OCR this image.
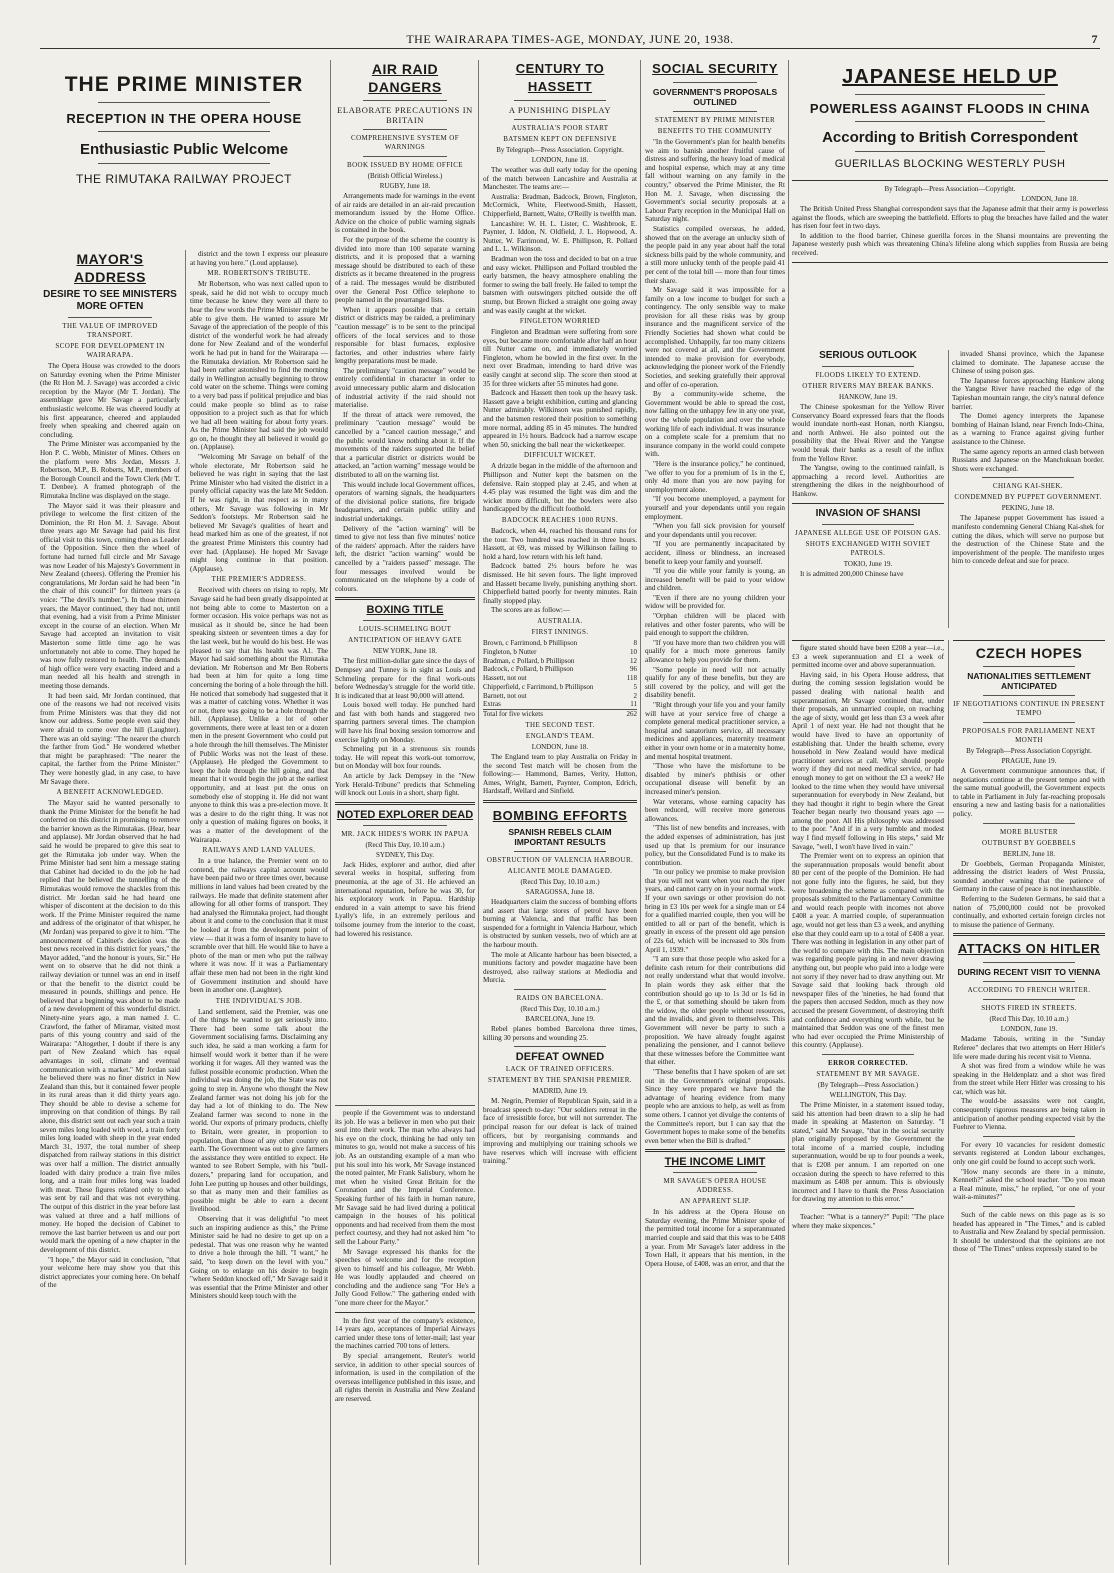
THE WAIRARAPA TIMES-AGE, MONDAY, JUNE 20, 1938.	7
THE PRIME MINISTER
RECEPTION IN THE OPERA HOUSE
Enthusiastic Public Welcome
THE RIMUTAKA RAILWAY PROJECT
MAYOR'S ADDRESS
DESIRE TO SEE MINISTERS MORE OFTEN
THE VALUE OF IMPROVED TRANSPORT.
SCOPE FOR DEVELOPMENT IN WAIRARAPA.

The Opera House was crowded to the doors on Saturday evening when the Prime Minister (the Rt Hon M. J. Savage) was accorded a civic reception by the Mayor (Mr T. Jordan). The assemblage gave Mr Savage a particularly enthusiastic welcome. He was cheered loudly at his first appearance, cheered and applauded freely when speaking and cheered again on concluding.

The Prime Minister was accompanied by the Hon P. C. Webb, Minister of Mines. Others on the platform were Mrs Jordan, Messrs J. Robertson, M.P., B. Roberts, M.P., members of the Borough Council and the Town Clerk (Mr T. T. Denbee). A framed photograph of the Rimutaka Incline was displayed on the stage.

The Mayor said it was their pleasure and privilege to welcome the first citizen of the Dominion, the Rt Hon M. J. Savage. About three years ago Mr Savage had paid his first official visit to this town, coming then as Leader of the Opposition. Since then the wheel of fortune had turned full circle and Mr Savage was now Leader of his Majesty's Government in New Zealand (cheers). Offering the Premier his congratulations, Mr Jordan said he had been "in the chair of this council" for thirteen years (a voice: "The devil's number."). In those thirteen years, the Mayor continued, they had not, until that evening, had a visit from a Prime Minister except in the course of an election. When Mr Savage had accepted an invitation to visit Masterton some little time ago he was unfortunately not able to come. They hoped he was now fully restored to health. The demands of high office were very exacting indeed and a man needed all his health and strength in meeting those demands.

It had been said, Mr Jordan continued, that one of the reasons we had not received visits from Prime Ministers was that they did not know our address. Some people even said they were afraid to come over the hill (Laughter). There was an old saying: "The nearer the church the farther from God." He wondered whether that might be paraphrased: "The nearer the capital, the farther from the Prime Minister." They were honestly glad, in any case, to have Mr Savage there.

A BENEFIT ACKNOWLEDGED.

The Mayor said he wanted personally to thank the Prime Minister for the benefit he had conferred on this district in promising to remove the barrier known as the Rimutakas. (Hear, hear and applause). Mr Jordan observed that he had said he would be prepared to give this seat to get the Rimutaka job under way. When the Prime Minister had sent him a message stating that Cabinet had decided to do the job he had replied that he believed the tunnelling of the Rimutakas would remove the shackles from this district. Mr Jordan said he had heard one whisper of discontent at the decision to do this work. If the Prime Minister required the name and address of the originator of that whisper, he (Mr Jordan) was prepared to give it to him. "The announcement of Cabinet's decision was the best news received in this district for years," the Mayor added, "and the honour is yours, Sir." He went on to observe that he did not think a railway deviation or tunnel was an end in itself or that the benefit to the district could be measured in pounds, shillings and pence. He believed that a beginning was about to be made of a new development of this wonderful district. Ninety-nine years ago, a man named J. C. Crawford, the father of Miramar, visited most parts of this young country and said of the Wairarapa: "Altogether, I doubt if there is any part of New Zealand which has equal advantages in soil, climate and eventual communication with a market." Mr Jordan said he believed there was no finer district in New Zealand than this, but it contained fewer people in its rural areas than it did thirty years ago. They should be able to devise a scheme for improving on that condition of things. By rail alone, this district sent out each year such a train seven miles long loaded with wool, a train forty miles long loaded with sheep in the year ended March 31, 1937, the total number of sheep dispatched from railway stations in this district was over half a million. The district annually loaded with dairy produce a train five miles long, and a train four miles long was loaded with meat. These figures related only to what was sent by rail and that was not everything. The output of this district in the year before last was valued at three and a half millions of money. He hoped the decision of Cabinet to remove the last barrier between us and our port would mark the opening of a new chapter in the development of this district.

"I hope," the Mayor said in conclusion, "that your welcome here may show you that this district appreciates your coming here. On behalf of the

district and the town I express our pleasure at having you here." (Loud applause).

MR. ROBERTSON'S TRIBUTE.

Mr Robertson, who was next called upon to speak, said he did not wish to occupy much time because he knew they were all there to hear the few words the Prime Minister might be able to give them. He wanted to assure Mr Savage of the appreciation of the people of this district of the wonderful work he had already done for New Zealand and of the wonderful work he had put in hand for the Wairarapa — the Rimutaka deviation. Mr Robertson said he had been rather astonished to find the morning daily in Wellington actually beginning to throw cold water on the scheme. Things were coming to a very bad pass if political prejudice and bias could make people so blind as to raise opposition to a project such as that for which we had all been waiting for about forty years. As the Prime Minister had said the job would go on, he thought they all believed it would go on. (Applause).

"Welcoming Mr Savage on behalf of the whole electorate, Mr Robertson said he believed he was right in saying that the last Prime Minister who had visited the district in a purely official capacity was the late Mr Seddon. If he was right, in that respect as in many others, Mr Savage was following in Mr Seddon's footsteps. Mr Robertson said he believed Mr Savage's qualities of heart and head marked him as one of the greatest, if not the greatest Prime Ministers this country had ever had. (Applause). He hoped Mr Savage might long continue in that position. (Applause).

THE PREMIER'S ADDRESS.

Received with cheers on rising to reply, Mr Savage said he had been greatly disappointed at not being able to come to Masterton on a former occasion. His voice perhaps was not as musical as it should be, since he had been speaking sixteen or seventeen times a day for the last week, but he would do his best. He was pleased to say that his health was A1. The Mayor had said something about the Rimutaka deviation. Mr Robertson and Mr Ben Roberts had been at him for quite a long time concerning the boring of a hole through the hill. He noticed that somebody had suggested that it was a matter of catching votes. Whether it was or not, there was going to be a hole through the hill. (Applause). Unlike a lot of other governments, there were at least ten or a dozen men in the present Government who could put a hole through the hill themselves. The Minister of Public Works was not the least of these. (Applause). He pledged the Government to keep the hole through the hill going, and that meant that it would begin the job at the earliest opportunity, and at least put the onus on somebody else of stopping it. He did not want anyone to think this was a pre-election move. It was a desire to do the right thing. It was not only a question of making figures on books, it was a matter of the development of the Wairarapa.

RAILWAYS AND LAND VALUES.

In a true balance, the Premier went on to contend, the railways capital account would have been paid two or three times over, because millions in land values had been created by the railways. He made that definite statement after allowing for all other forms of transport. They had analysed the Rimutaka project, had thought about it and come to the conclusion that it must be looked at from the development point of view — that it was a form of insanity to have to scramble over that hill. He would like to have a photo of the man or men who put the railway where it was now. If it was a Parliamentary affair these men had not been in the right kind of Government institution and should have been in another one. (Laughter).

THE INDIVIDUAL'S JOB.

Land settlement, said the Premier, was one of the things he wanted to get seriously into. There had been some talk about the Government socialising farms. Disclaiming any such idea, he said a man working a farm for himself would work it better than if he were working it for wages. All they wanted was the fullest possible economic production. When the individual was doing the job, the State was not going to step in. Anyone who thought the New Zealand farmer was not doing his job for the day had a lot of thinking to do. The New Zealand farmer was second to none in the world. Our exports of primary products, chiefly to Britain, were greater, in proportion to population, than those of any other country on earth. The Government was out to give farmers the assistance they were entitled to expect. He wanted to see Robert Semple, with his "bull-dozers," preparing land for occupation, and John Lee putting up houses and other buildings, so that as many men and their families as possible might be able to earn a decent livelihood.

Observing that it was delightful "to meet such an inspiring audience as this," the Prime Minister said he had no desire to get up on a pedestal. That was one reason why he wanted to drive a hole through the hill. "I want," he said, "to keep down on the level with you." Going on to enlarge on his desire to begin "where Seddon knocked off," Mr Savage said it was essential that the Prime Minister and other Ministers should keep touch with the

AIR RAID DANGERS
ELABORATE PRECAUTIONS IN BRITAIN
COMPREHENSIVE SYSTEM OF WARNINGS
BOOK ISSUED BY HOME OFFICE
(British Official Wireless.)
RUGBY, June 18.

Arrangements made for warnings in the event of air raids are detailed in an air-raid precaution memorandum issued by the Home Office. Advice on the choice of public warning signals is contained in the book.

For the purpose of the scheme the country is divided into more than 100 separate warning districts, and it is proposed that a warning message should be distributed to each of these districts as it became threatened in the progress of a raid. The messages would be distributed over the General Post Office telephone to people named in the prearranged lists.

When it appears possible that a certain district or districts may be raided, a preliminary "caution message" is to be sent to the principal officers of the local services and to those responsible for blast furnaces, explosive factories, and other industries where fairly lengthy preparations must be made.

The preliminary "caution message" would be entirely confidential in character in order to avoid unnecessary public alarm and dislocation of industrial activity if the raid should not materialise.

If the threat of attack were removed, the preliminary "caution message" would be cancelled by a "cancel caution message," and the public would know nothing about it. If the movements of the raiders supported the belief that a particular district or districts would be attacked, an "action warning" message would be distributed to all on the warning list.

This would include local Government offices, operators of warning signals, the headquarters of the divisional police stations, fire brigade headquarters, and certain public utility and industrial undertakings.

Delivery of the "action warning" will be timed to give not less than five minutes' notice of the raiders' approach. After the raiders have left, the district "action warning" would be cancelled by a "raiders passed" message. The four messages involved would be communicated on the telephone by a code of colours.

BOXING TITLE
LOUIS-SCHMELING BOUT
ANTICIPATION OF HEAVY GATE
NEW YORK, June 18.

The first million-dollar gate since the days of Dempsey and Tunney is in sight as Louis and Schmeling prepare for the final work-outs before Wednesday's struggle for the world title. It is indicated that at least 90,000 will attend.

Louis boxed well today. He punched hard and fast with both hands and staggered two sparring partners several times. The champion will have his final boxing session tomorrow and exercise lightly on Monday.

Schmeling put in a strenuous six rounds today. He will repeat this work-out tomorrow, but on Monday will box four rounds.

An article by Jack Dempsey in the "New York Herald-Tribune" predicts that Schmeling will knock out Louis in a short, sharp fight.

NOTED EXPLORER DEAD
MR. JACK HIDES'S WORK IN PAPUA
(Recd This Day, 10.10 a.m.)
SYDNEY, This Day.

Jack Hides, explorer and author, died after several weeks in hospital, suffering from pneumonia, at the age of 31. He achieved an international reputation, before he was 30, for his exploratory work in Papua. Hardship endured in a vain attempt to save his friend Lyally's life, in an extremely perilous and toilsome journey from the interior to the coast, had lowered his resistance.

people if the Government was to understand its job. He was a believer in men who put their soul into their work. The man who always had his eye on the clock, thinking he had only ten minutes to go, would not make a success of his job. As an outstanding example of a man who put his soul into his work, Mr Savage instanced the noted painter, Mr Frank Salisbury, whom he met when he visited Great Britain for the Coronation and the Imperial Conference. Speaking further of his faith in human nature, Mr Savage said he had lived during a political campaign in the houses of his political opponents and had received from them the most perfect courtesy, and they had not asked him "to sell the Labour Party."

Mr Savage expressed his thanks for the speeches of welcome and for the reception given to himself and his colleague, Mr Webb. He was loudly applauded and cheered on concluding and the audience sang "For He's a Jolly Good Fellow." The gathering ended with "one more cheer for the Mayor."

In the first year of the company's existence, 14 years ago, acceptances of Imperial Airways carried under these tons of letter-mail; last year the machines carried 700 tons of letters.

By special arrangement, Reuter's world service, in addition to other special sources of information, is used in the compilation of the overseas intelligence published in this issue, and all rights therein in Australia and New Zealand are reserved.

CENTURY TO HASSETT
A PUNISHING DISPLAY
AUSTRALIA'S POOR START
BATSMEN KEPT ON DEFENSIVE
By Telegraph—Press Association. Copyright.
LONDON, June 18.

The weather was dull early today for the opening of the match between Lancashire and Australia at Manchester. The teams are:—

Australia: Bradman, Badcock, Brown, Fingleton, McCormick, White, Fleetwood-Smith, Hassett, Chipperfield, Barnett, Waite, O'Reilly is twelfth man.

Lancashire: W. H. L. Lister, C. Washbrook, E. Paynter, J. Iddon, N. Oldfield, J. L. Hopwood, A. Nutter, W. Farrimond, W. E. Phillipson, R. Pollard and L. L. Wilkinson.

Bradman won the toss and decided to bat on a true and easy wicket. Phillipson and Pollard troubled the early batsmen, the heavy atmosphere enabling the former to swing the ball freely. He failed to tempt the batsmen with outswingers pitched outside the off stump, but Brown flicked a straight one going away and was easily caught at the wicket.

FINGLETON WORRIED

Fingleton and Bradman were suffering from sore eyes, but became more comfortable after half an hour till Nutter came on, and immediately worried Fingleton, whom he bowled in the first over. In the next over Bradman, intending to hard drive was easily caught at second slip. The score then stood at 35 for three wickets after 55 minutes had gone.

Badcock and Hassett then took up the heavy task. Hassett gave a bright exhibition, cutting and glancing Nutter admirably. Wilkinson was punished rapidly, and the batsmen restored their position to something more normal, adding 85 in 45 minutes. The hundred appeared in 1½ hours. Badcock had a narrow escape when 50, snicking the ball near the wicketkeeper.

DIFFICULT WICKET.

A drizzle began in the middle of the afternoon and Phillipson and Nutter kept the batsmen on the defensive. Rain stopped play at 2.45, and when at 4.45 play was resumed the light was dim and the wicket more difficult, but the bowlers were also handicapped by the difficult foothold.

BADCOCK REACHES 1000 RUNS.

Badcock, when 44, reached his thousand runs for the tour. Two hundred was reached in three hours. Hassett, at 69, was missed by Wilkinson failing to hold a hard, low return with his left hand.

Badcock batted 2½ hours before he was dismissed. He hit seven fours. The light improved and Hassett became lively, punishing anything short. Chipperfield batted poorly for twenty minutes. Rain finally stopped play.

The scores are as follow:—

AUSTRALIA.
FIRST INNINGS.
Brown, c Farrimond, b Phillipson	8
Fingleton, b Nutter	10
Bradman, c Pollard, b Phillipson	12
Badcock, c Pollard, b Phillipson	96
Hassett, not out	118
Chipperfield, c Farrimond, b Phillipson	5
Barnett, not out	2
Extras	11
Total for five wickets	262
THE SECOND TEST.
ENGLAND'S TEAM.
LONDON, June 18.

The England team to play Australia on Friday in the second Test match will be chosen from the following:— Hammond, Barnes, Verity, Hutton, Ames, Wright, Barnett, Paynter, Compton, Edrich, Hardstaff, Wellard and Sinfield.

BOMBING EFFORTS
SPANISH REBELS CLAIM IMPORTANT RESULTS
OBSTRUCTION OF VALENCIA HARBOUR.
ALICANTE MOLE DAMAGED.
(Recd This Day, 10.10 a.m.)
SARAGOSSA, June 18.

Headquarters claim the success of bombing efforts and assert that large stores of petrol have been burning at Valencia, and that traffic has been suspended for a fortnight in Valencia Harbour, which is obstructed by sunken vessels, two of which are at the harbour mouth.

The mole at Alicante harbour has been bisected, a munitions factory and powder magazine have been destroyed, also railway stations at Mediodia and Murcia.

RAIDS ON BARCELONA.
(Recd This Day, 10.10 a.m.)
BARCELONA, June 19.

Rebel planes bombed Barcelona three times, killing 30 persons and wounding 25.

DEFEAT OWNED
LACK OF TRAINED OFFICERS.
STATEMENT BY THE SPANISH PREMIER.
MADRID, June 19.

M. Negrin, Premier of Republican Spain, said in a broadcast speech to-day: "Our soldiers retreat in the face of irresistible force, but will not surrender. The principal reason for our defeat is lack of trained officers, but by reorganising commands and improving and multiplying our training schools we have reserves which will increase with efficient training."

SOCIAL SECURITY
GOVERNMENT'S PROPOSALS OUTLINED
STATEMENT BY PRIME MINISTER
BENEFITS TO THE COMMUNITY

"In the Government's plan for health benefits we aim to banish another fruitful cause of distress and suffering, the heavy load of medical and hospital expense, which may at any time fall without warning on any family in the country," observed the Prime Minister, the Rt Hon M. J. Savage, when discussing the Government's social security proposals at a Labour Party reception in the Municipal Hall on Saturday night.

Statistics compiled overseas, he added, showed that on the average an unlucky sixth of the people paid in any year about half the total sickness bills paid by the whole community, and a still more unlucky tenth of the people paid 41 per cent of the total bill — more than four times their share.

Mr Savage said it was impossible for a family on a low income to budget for such a contingency. The only sensible way to make provision for all these risks was by group insurance and the magnificent service of the Friendly Societies had shown what could be accomplished. Unhappily, far too many citizens were not covered at all, and the Government intended to make provision for everybody, acknowledging the pioneer work of the Friendly Societies, and seeking gratefully their approval and offer of co-operation.

By a community-wide scheme, the Government would be able to spread the cost, now falling on the unhappy few in any one year, over the whole population and over the whole working life of each individual. It was insurance on a complete scale for a premium that no insurance company in the world could compete with.

"Here is the insurance policy," he continued, "we offer to you for a premium of 1s in the £, only 4d more than you are now paying for unemployment alone.

"If you become unemployed, a payment for yourself and your dependants until you regain employment.

"When you fall sick provision for yourself and your dependants until you recover.

"If you are permanently incapacitated by accident, illness or blindness, an increased benefit to keep your family and yourself.

"If you die while your family is young, an increased benefit will be paid to your widow and children.

"Even if there are no young children your widow will be provided for.

"Orphan children will be placed with relatives and other foster parents, who will be paid enough to support the children.

"If you have more than two children you will qualify for a much more generous family allowance to help you provide for them.

"Some people in need will not actually qualify for any of these benefits, but they are still covered by the policy, and will get the disability benefit.

"Right through your life you and your family will have at your service free of charge a complete general medical practitioner service, a hospital and sanatorium service, all necessary medicines and appliances, maternity treatment either in your own home or in a maternity home, and mental hospital treatment.

"Those who have the misfortune to be disabled by miner's phthisis or other occupational disease will benefit by an increased miner's pension.

War veterans, whose earning capacity has been reduced, will receive more generous allowances.

"This list of new benefits and increases, with the added expenses of administration, has just used up that 1s premium for our insurance policy, but the Consolidated Fund is to make its contribution.

"In our policy we promise to make provision that you will not want when you reach the riper years, and cannot carry on in your normal work. If your own savings or other provision do not bring in £3 10s per week for a single man or £4 for a qualified married couple, then you will be entitled to all or part of the benefit, which is greatly in excess of the present old age pension of 22s 6d, which will be increased to 30s from April 1, 1939."

"I am sure that those people who asked for a definite cash return for their contributions did not really understand what that would involve. In plain words they ask either that the contribution should go up to 1s 3d or 1s 6d in the £, or that something should be taken from the widow, the older people without resources, and the invalids, and given to themselves. This Government will never be party to such a proposition. We have already fought against penalizing the pensioner, and I cannot believe that these witnesses before the Committee want that either.

"These benefits that I have spoken of are set out in the Government's original proposals. Since they were prepared we have had the advantage of hearing evidence from many people who are anxious to help, as well as from some others. I cannot yet divulge the contents of the Committee's report, but I can say that the Government hopes to make some of the benefits even better when the Bill is drafted."

THE INCOME LIMIT
MR SAVAGE'S OPERA HOUSE ADDRESS.
AN APPARENT SLIP.

In his address at the Opera House on Saturday evening, the Prime Minister spoke of the permitted total income for a superannuated married couple and said that this was to be £408 a year. From Mr Savage's later address in the Town Hall, it appears that his mention, in the Opera House, of £408, was an error, and that the

JAPANESE HELD UP
POWERLESS AGAINST FLOODS IN CHINA
According to British Correspondent
GUERILLAS BLOCKING WESTERLY PUSH
By Telegraph—Press Association—Copyright.
LONDON, June 18.

The British United Press Shanghai correspondent says that the Japanese admit that their army is powerless against the floods, which are sweeping the battlefield. Efforts to plug the breaches have failed and the water has risen four feet in two days.

In addition to the flood barrier, Chinese guerilla forces in the Shansi mountains are preventing the Japanese westerly push which was threatening China's lifeline along which supplies from Russia are being received.

SERIOUS OUTLOOK
FLOODS LIKELY TO EXTEND.
OTHER RIVERS MAY BREAK BANKS.
HANKOW, June 19.

The Chinese spokesman for the Yellow River Conservancy Board expressed fears that the floods would inundate north-east Honan, north Kiangsu, and north Anhwei. He also pointed out the possibility that the Hwai River and the Yangtse would break their banks as a result of the influx from the Yellow River.

The Yangtse, owing to the continued rainfall, is approaching a record level. Authorities are strengthening the dikes in the neighbourhood of Hankow.

INVASION OF SHANSI
JAPANESE ALLEGE USE OF POISON GAS.
SHOTS EXCHANGED WITH SOVIET PATROLS.
TOKIO, June 19.

It is admitted 200,000 Chinese have

invaded Shansi province, which the Japanese claimed to dominate. The Japanese accuse the Chinese of using poison gas.

The Japanese forces approaching Hankow along the Yangtse River have reached the edge of the Tapieshan mountain range, the city's natural defence barrier.

The Domei agency interprets the Japanese bombing of Hainan Island, near French Indo-China, as a warning to France against giving further assistance to the Chinese.

The same agency reports an armed clash between Russians and Japanese on the Manchukuan border. Shots were exchanged.

CHIANG KAI-SHEK.
CONDEMNED BY PUPPET GOVERNMENT.
PEKING, June 18.

The Japanese puppet Government has issued a manifesto condemning General Chiang Kai-shek for cutting the dikes, which will serve no purpose but the destruction of the Chinese State and the impoverishment of the people. The manifesto urges him to concede defeat and sue for peace.

figure stated should have been £208 a year—i.e., £3 a week superannuation and £1 a week of permitted income over and above superannuation.

Having said, in his Opera House address, that during the coming session legislation would be passed dealing with national health and superannuation, Mr Savage continued that, under their proposals, an unmarried couple, on reaching the age of sixty, would get less than £3 a week after April 1 of next year. He had not thought that he would have lived to have an opportunity of establishing that. Under the health scheme, every household in New Zealand would have medical practitioner services at call. Why should people worry if they did not need medical service, or had enough money to get on without the £3 a week? He looked to the time when they would have universal superannuation for everybody in New Zealand, but they had thought it right to begin where the Great Teacher began nearly two thousand years ago — among the poor. All His philosophy was addressed to the poor. "And if in a very humble and modest way I find myself following in His steps," said Mr Savage, "well, I won't have lived in vain."

The Premier went on to express an opinion that the superannuation proposals would benefit about 80 per cent of the people of the Dominion. He had not gone fully into the figures, he said, but they were broadening the scheme as compared with the proposals submitted to the Parliamentary Committee and would reach people with incomes not above £408 a year. A married couple, of superannuation age, would not get less than £3 a week, and anything else that they could earn up to a total of £408 a year. There was nothing in legislation in any other part of the world to compare with this. The main objection was regarding people paying in and never drawing anything out, but people who paid into a lodge were not sorry if they never had to draw anything out. Mr Savage said that looking back through old newspaper files of the 'nineties, he had found that the papers then accused Seddon, much as they now accused the present Government, of destroying thrift and confidence and everything worth while, but he maintained that Seddon was one of the finest men who had ever occupied the Prime Ministership of this country. (Applause).

ERROR CORRECTED.
STATEMENT BY MR SAVAGE.
(By Telegraph—Press Association.)
WELLINGTON, This Day.

The Prime Minister, in a statement issued today, said his attention had been drawn to a slip he had made in speaking at Masterton on Saturday. "I stated," said Mr Savage, "that in the social security plan originally proposed by the Government the total income of a married couple, including superannuation, would be up to four pounds a week, that is £208 per annum. I am reported on one occasion during the speech to have referred to this maximum as £408 per annum. This is obviously incorrect and I have to thank the Press Association for drawing my attention to this error."

Teacher: "What is a tannery?" Pupil: "The place where they make sixpences."

CZECH HOPES
NATIONALITIES SETTLEMENT ANTICIPATED
IF NEGOTIATIONS CONTINUE IN PRESENT TEMPO
PROPOSALS FOR PARLIAMENT NEXT MONTH
By Telegraph—Press Association Copyright.
PRAGUE, June 19.

A Government communique announces that, if negotiations continue at the present tempo and with the same mutual goodwill, the Government expects to table in Parliament in July far-reaching proposals ensuring a new and lasting basis for a nationalities policy.

MORE BLUSTER
OUTBURST BY GOEBBELS
BERLIN, June 18.

Dr Goebbels, German Propaganda Minister, addressing the district leaders of West Prussia, sounded another warning that the patience of Germany in the cause of peace is not inexhaustible.

Referring to the Sudeten Germans, he said that a nation of 75,000,000 could not be provoked continually, and exhorted certain foreign circles not to misuse the patience of Germany.

ATTACKS ON HITLER
DURING RECENT VISIT TO VIENNA
ACCORDING TO FRENCH WRITER.
SHOTS FIRED IN STREETS.
(Recd This Day, 10.10 a.m.)
LONDON, June 19.

Madame Tabouis, writing in the "Sunday Referee" declares that two attempts on Herr Hitler's life were made during his recent visit to Vienna.

A shot was fired from a window while he was speaking in the Heldenplatz and a shot was fired from the street while Herr Hitler was crossing to his car, which was hit.

The would-be assassins were not caught, consequently rigorous measures are being taken in anticipation of another pending expected visit by the Fuehrer to Vienna.

For every 10 vacancies for resident domestic servants registered at London labour exchanges, only one girl could be found to accept such work.

"How many seconds are there in a minute, Kenneth?" asked the school teacher. "Do you mean a Real minute, miss," he replied, "or one of your wait-a-minutes?"

Such of the cable news on this page as is so headed has appeared in "The Times," and is cabled to Australia and New Zealand by special permission. It should be understood that the opinions are not those of "The Times" unless expressly stated to be
